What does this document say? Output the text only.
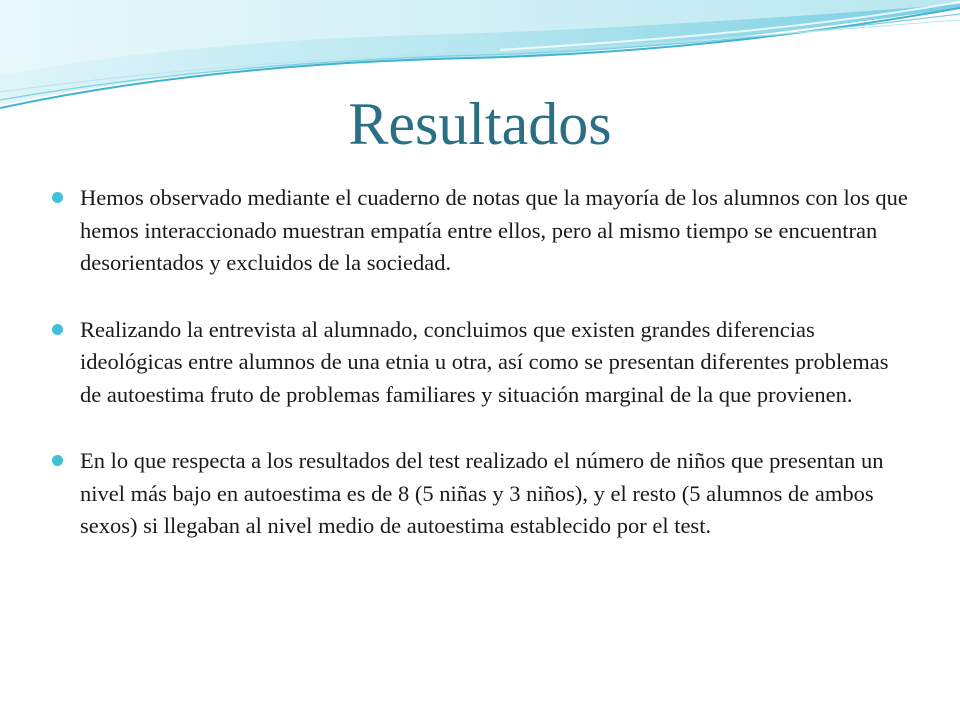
Resultados
Hemos observado mediante el cuaderno de notas que la mayoría de los alumnos con los que hemos interaccionado muestran empatía entre ellos, pero al mismo tiempo se encuentran desorientados y excluidos de la sociedad.
Realizando la entrevista al alumnado, concluimos que existen grandes diferencias ideológicas entre alumnos de una etnia u otra, así como se presentan diferentes problemas de autoestima fruto de problemas familiares y situación marginal de la que provienen.
En lo que respecta a los resultados del test realizado el número de niños que presentan un nivel más bajo en autoestima es de 8 (5 niñas y 3 niños), y el resto (5 alumnos de ambos sexos) si llegaban al nivel medio de autoestima establecido por el test.
